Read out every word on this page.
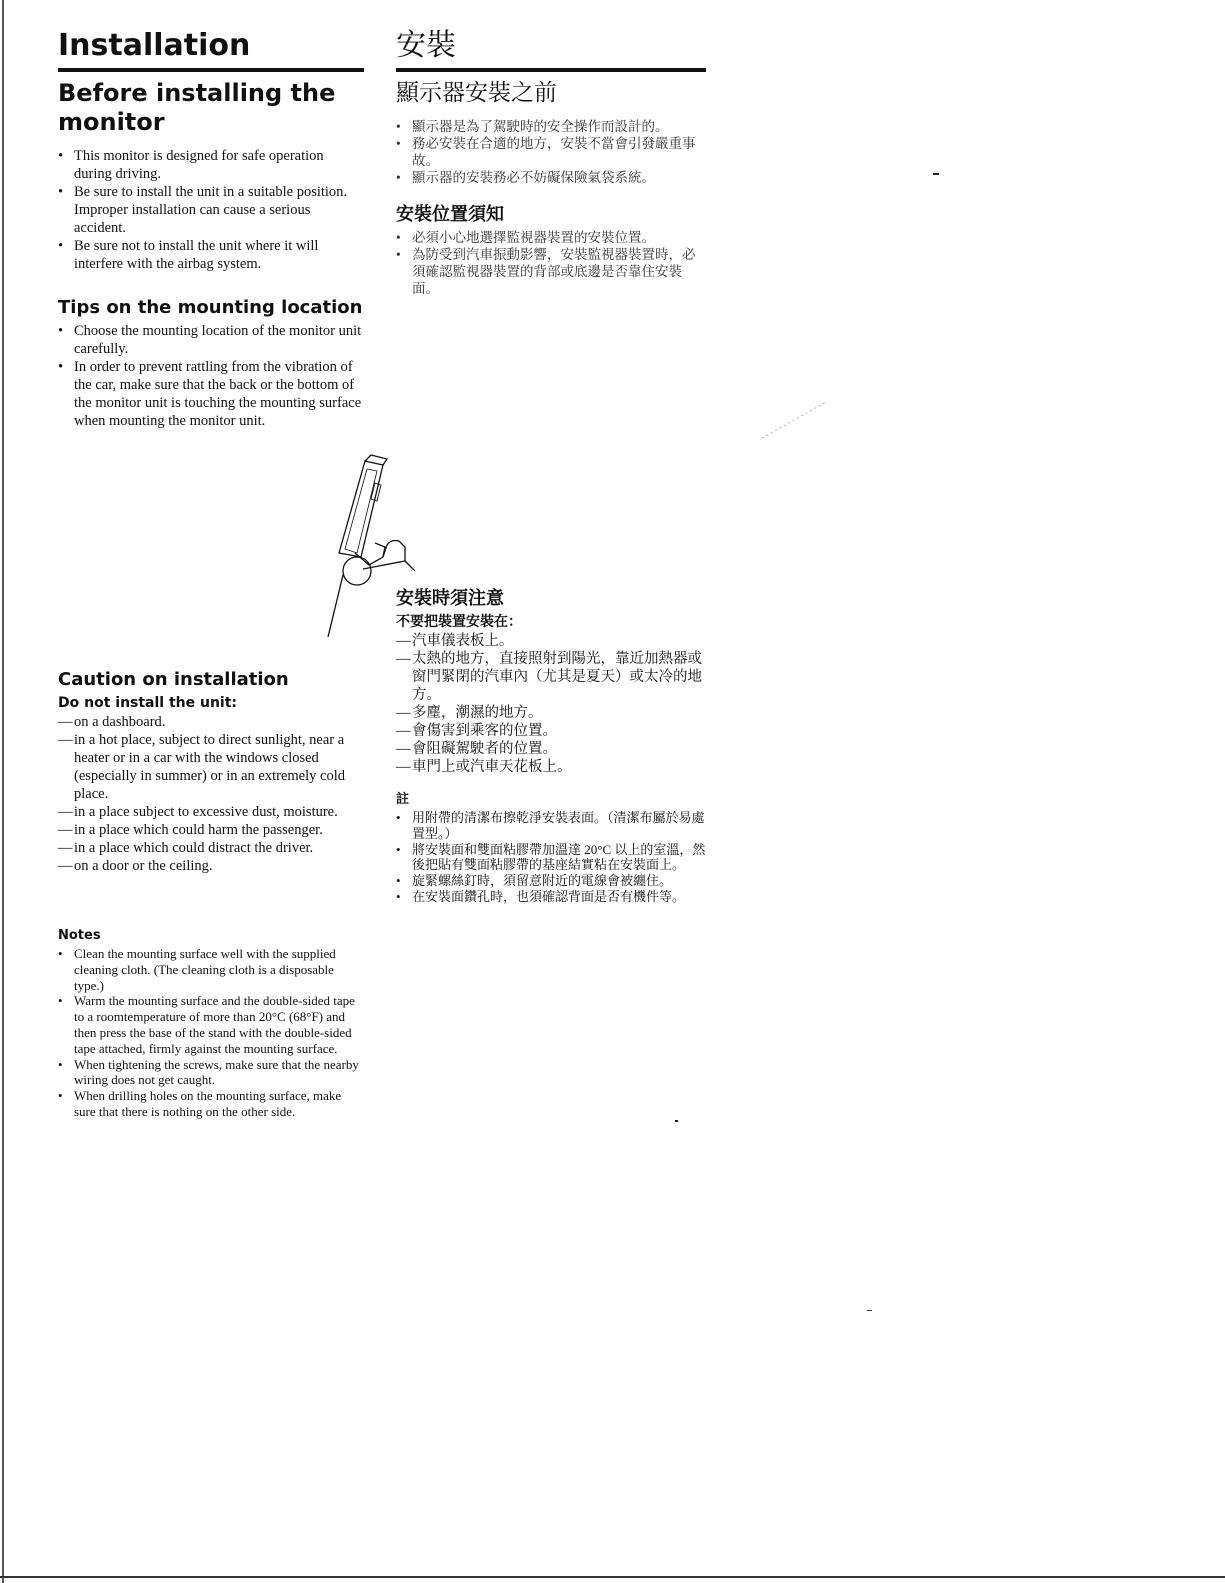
Installation
Before installing the monitor
• This monitor is designed for safe operation during driving.
• Be sure to install the unit in a suitable position. Improper installation can cause a serious accident.
• Be sure not to install the unit where it will interfere with the airbag system.
Tips on the mounting location
• Choose the mounting location of the monitor unit carefully.
• In order to prevent rattling from the vibration of the car, make sure that the back or the bottom of the monitor unit is touching the mounting surface when mounting the monitor unit.
Caution on installation
Do not install the unit:
— on a dashboard.
— in a hot place, subject to direct sunlight, near a heater or in a car with the windows closed (especially in summer) or in an extremely cold place.
— in a place subject to excessive dust, moisture.
— in a place which could harm the passenger.
— in a place which could distract the driver.
— on a door or the ceiling.
Notes
• Clean the mounting surface well with the supplied cleaning cloth. (The cleaning cloth is a disposable type.)
• Warm the mounting surface and the double-sided tape to a roomtemperature of more than 20°C (68°F) and then press the base of the stand with the double-sided tape attached, firmly against the mounting surface.
• When tightening the screws, make sure that the nearby wiring does not get caught.
• When drilling holes on the mounting surface, make sure that there is nothing on the other side.
安裝
顯示器安裝之前
• 顯示器是為了駕駛時的安全操作而設計的。
• 務必安裝在合適的地方，安裝不當會引發嚴重事故。
• 顯示器的安裝務必不妨礙保險氣袋系統。
安裝位置須知
• 必須小心地選擇監視器裝置的安裝位置。
• 為防受到汽車振動影響，安裝監視器裝置時，必須確認監視器裝置的背部或底邊是否靠住安裝面。
安裝時須注意
不要把裝置安裝在：
— 汽車儀表板上。
— 太熱的地方，直接照射到陽光，靠近加熱器或窗門緊閉的汽車內（尤其是夏天）或太冷的地方。
— 多塵，潮濕的地方。
— 會傷害到乘客的位置。
— 會阻礙駕駛者的位置。
— 車門上或汽車天花板上。
註
• 用附帶的清潔布擦乾淨安裝表面。（清潔布屬於易處置型。）
• 將安裝面和雙面粘膠帶加溫達 20°C 以上的室溫，然後把貼有雙面粘膠帶的基座結實粘在安裝面上。
• 旋緊螺絲釘時，須留意附近的電線會被纏住。
• 在安裝面鑽孔時，也須確認背面是否有機件等。
